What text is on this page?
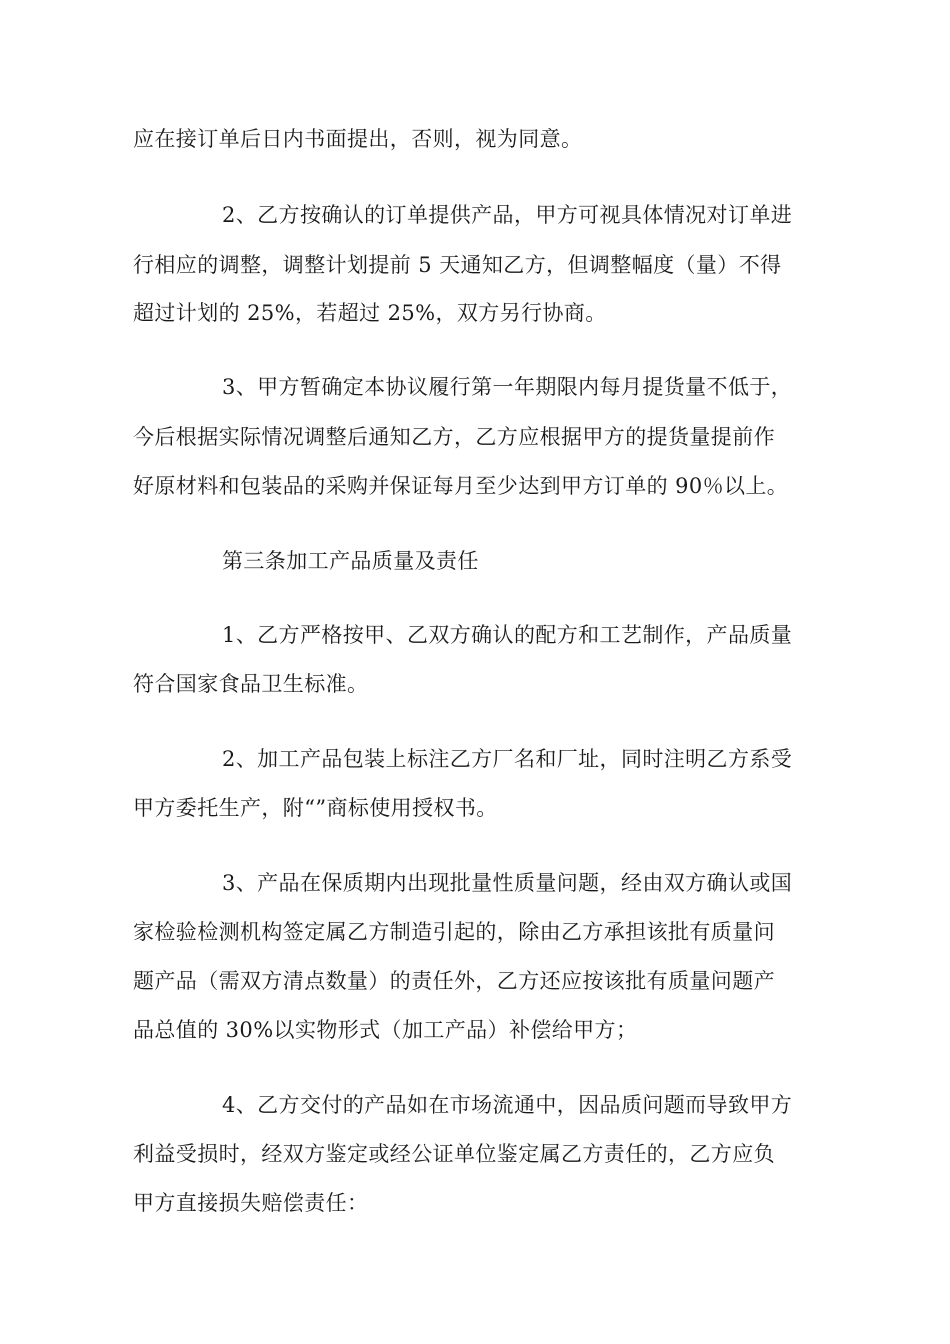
应在接订单后日内书面提出，否则，视为同意。

2、乙方按确认的订单提供产品，甲方可视具体情况对订单进

行相应的调整，调整计划提前 5 天通知乙方，但调整幅度（量）不得

超过计划的 25%，若超过 25%，双方另行协商。

3、甲方暂确定本协议履行第一年期限内每月提货量不低于，

今后根据实际情况调整后通知乙方，乙方应根据甲方的提货量提前作

好原材料和包装品的采购并保证每月至少达到甲方订单的 90％以上。

第三条加工产品质量及责任

1、乙方严格按甲、乙双方确认的配方和工艺制作，产品质量

符合国家食品卫生标准。

2、加工产品包装上标注乙方厂名和厂址，同时注明乙方系受

甲方委托生产，附“”商标使用授权书。

3、产品在保质期内出现批量性质量问题，经由双方确认或国

家检验检测机构签定属乙方制造引起的，除由乙方承担该批有质量问

题产品（需双方清点数量）的责任外，乙方还应按该批有质量问题产

品总值的 30%以实物形式（加工产品）补偿给甲方；

4、乙方交付的产品如在市场流通中，因品质问题而导致甲方

利益受损时，经双方鉴定或经公证单位鉴定属乙方责任的，乙方应负

甲方直接损失赔偿责任：
